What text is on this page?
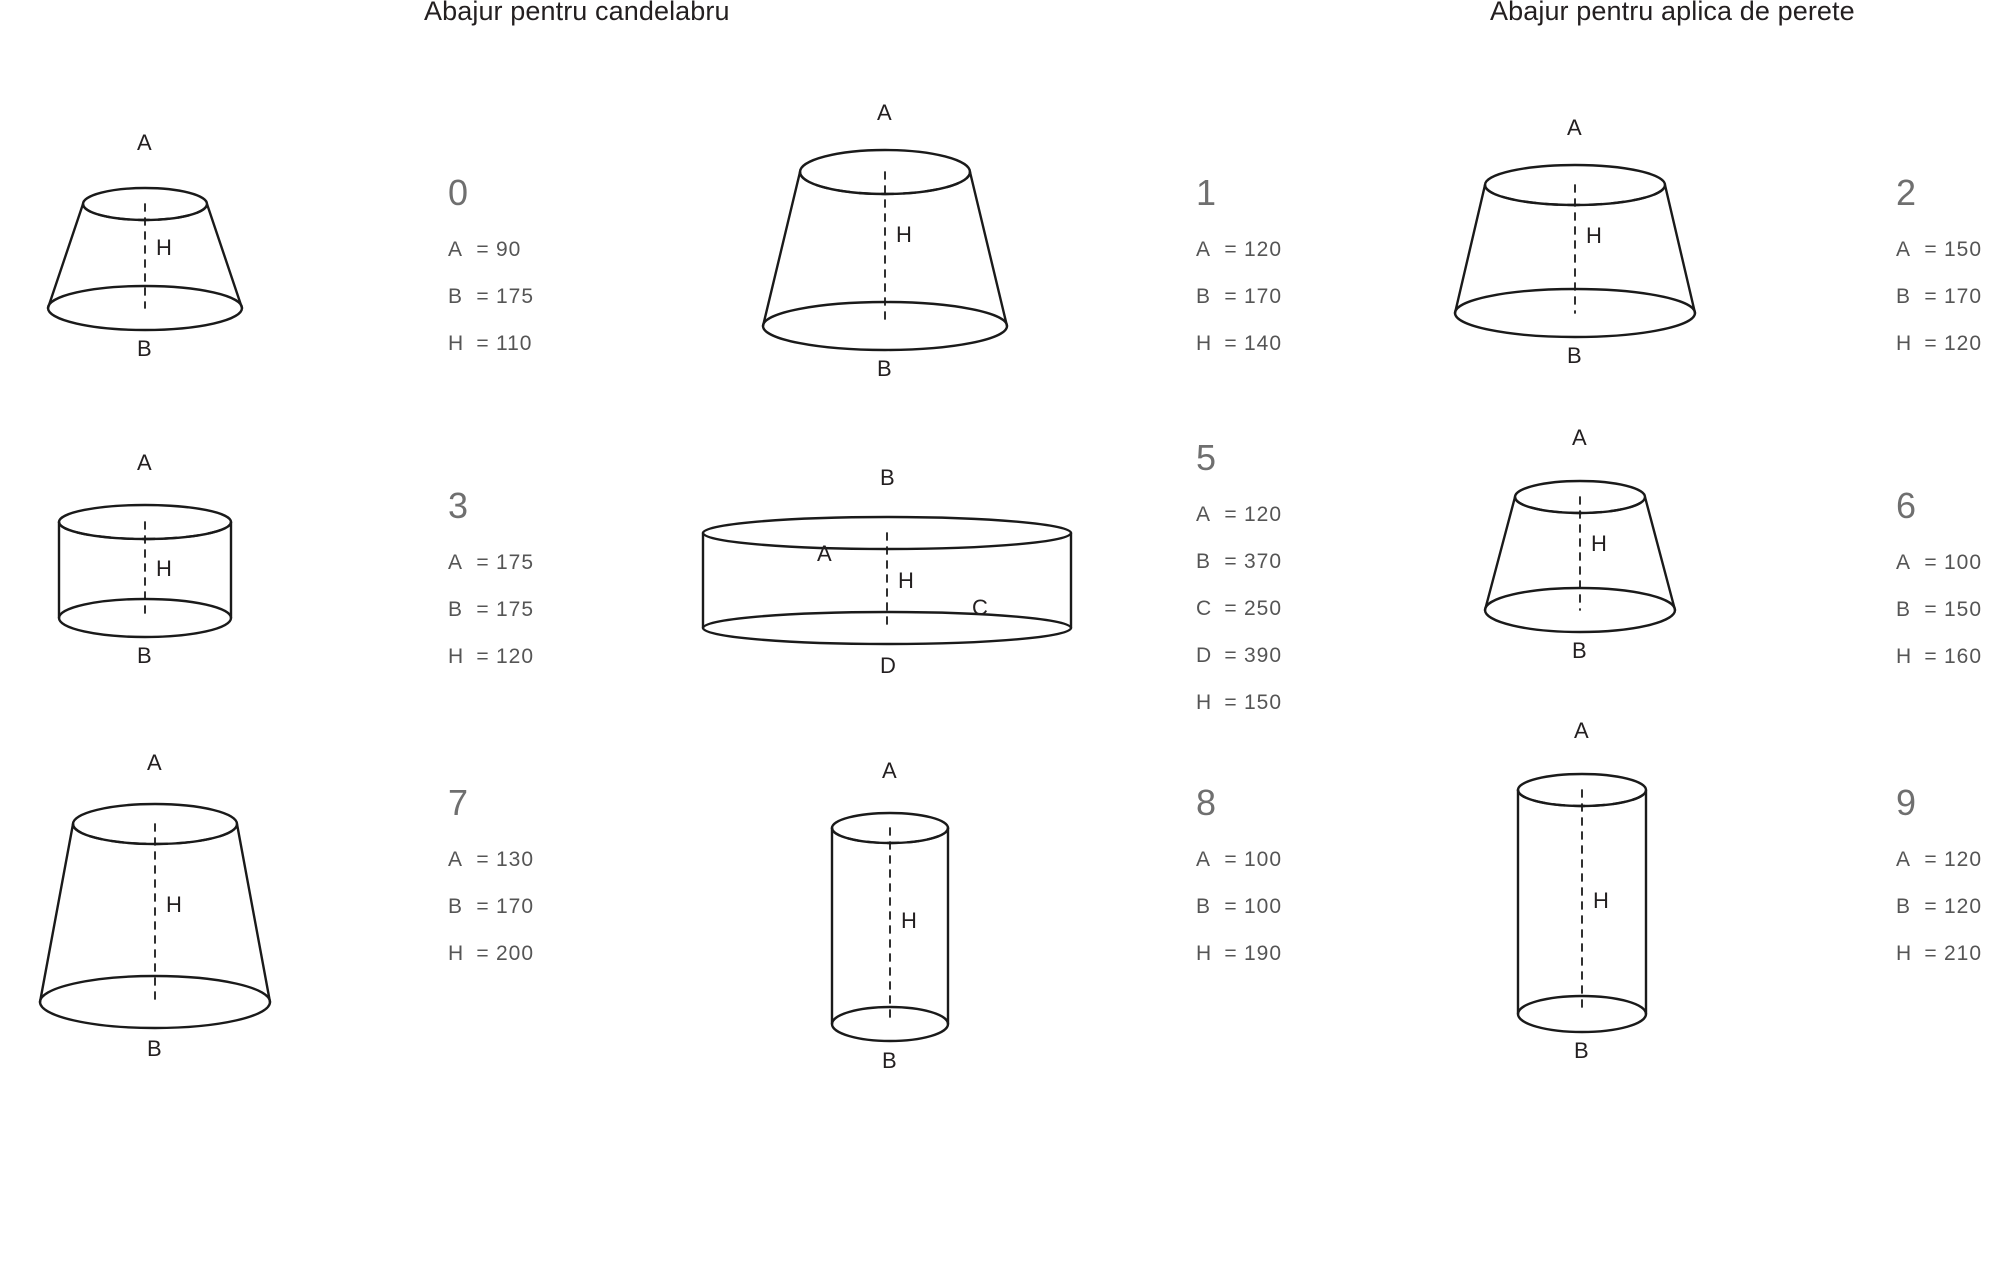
Abajur pentru candelabru	Abajur pentru aplica de perete
A
B
H
0
A = 90
B = 175
H = 110
A
B
H
1
A = 120
B = 170
H = 140
A
B
H
2
A = 150
B = 170
H = 120
A
B
H
3
A = 175
B = 175
H = 120
B
A
H
C
D
5
A = 120
B = 370
C = 250
D = 390
H = 150
A
B
H
6
A = 100
B = 150
H = 160
A
B
H
7
A = 130
B = 170
H = 200
A
B
H
8
A = 100
B = 100
H = 190
A
B
H
9
A = 120
B = 120
H = 210
